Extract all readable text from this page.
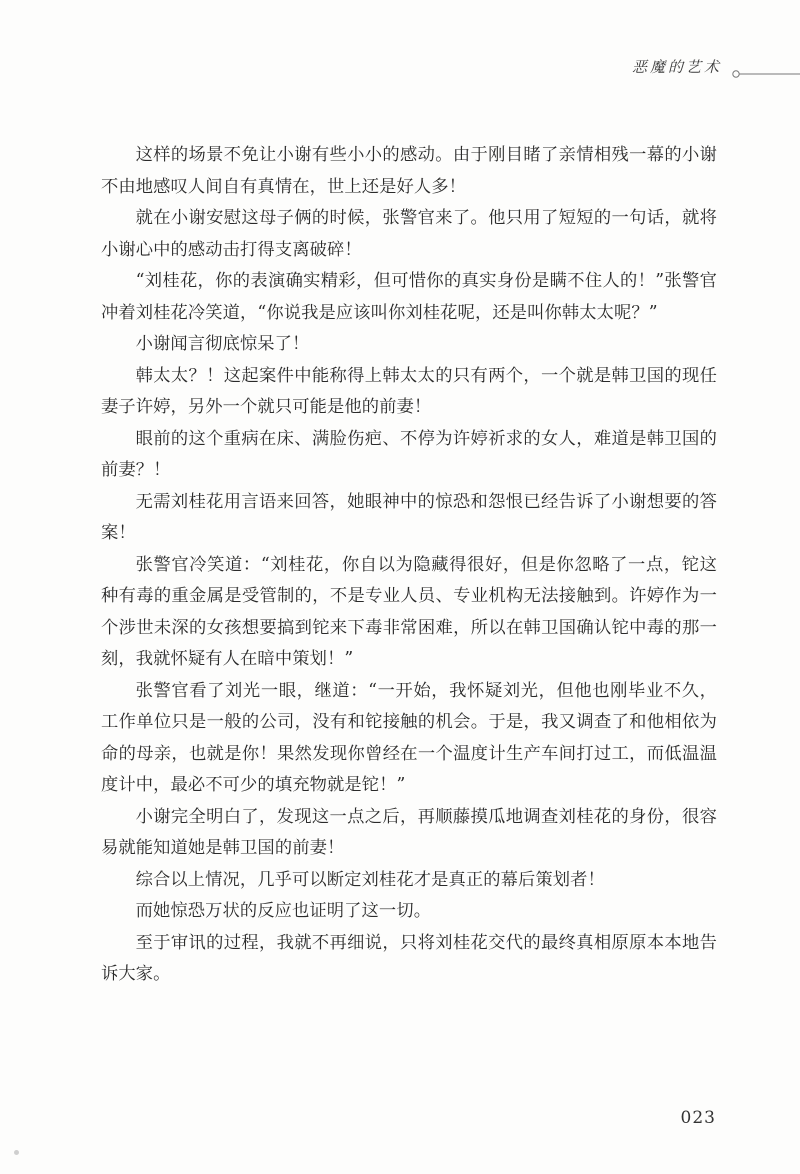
恶魔的艺术

这样的场景不免让小谢有些小小的感动。由于刚目睹了亲情相残一幕的小谢不由地感叹人间自有真情在，世上还是好人多！

就在小谢安慰这母子俩的时候，张警官来了。他只用了短短的一句话，就将小谢心中的感动击打得支离破碎！

“刘桂花，你的表演确实精彩，但可惜你的真实身份是瞒不住人的！”张警官冲着刘桂花冷笑道，“你说我是应该叫你刘桂花呢，还是叫你韩太太呢？”

小谢闻言彻底惊呆了！

韩太太？！这起案件中能称得上韩太太的只有两个，一个就是韩卫国的现任妻子许婷，另外一个就只可能是他的前妻！

眼前的这个重病在床、满脸伤疤、不停为许婷祈求的女人，难道是韩卫国的前妻？！

无需刘桂花用言语来回答，她眼神中的惊恐和怨恨已经告诉了小谢想要的答案！

张警官冷笑道：“刘桂花，你自以为隐藏得很好，但是你忽略了一点，铊这种有毒的重金属是受管制的，不是专业人员、专业机构无法接触到。许婷作为一个涉世未深的女孩想要搞到铊来下毒非常困难，所以在韩卫国确认铊中毒的那一刻，我就怀疑有人在暗中策划！”

张警官看了刘光一眼，继道：“一开始，我怀疑刘光，但他也刚毕业不久，工作单位只是一般的公司，没有和铊接触的机会。于是，我又调查了和他相依为命的母亲，也就是你！果然发现你曾经在一个温度计生产车间打过工，而低温温度计中，最必不可少的填充物就是铊！”

小谢完全明白了，发现这一点之后，再顺藤摸瓜地调查刘桂花的身份，很容易就能知道她是韩卫国的前妻！

综合以上情况，几乎可以断定刘桂花才是真正的幕后策划者！

而她惊恐万状的反应也证明了这一切。

至于审讯的过程，我就不再细说，只将刘桂花交代的最终真相原原本本地告诉大家。

023
